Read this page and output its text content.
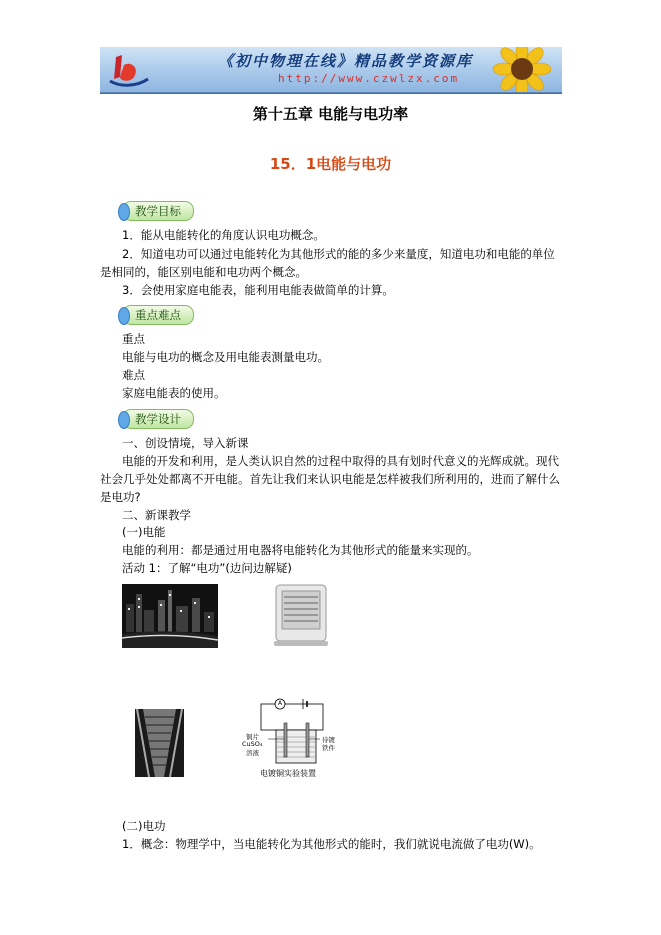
《初中物理在线》精品教学资源库
http://www.czwlzx.com
第十五章 电能与电功率
15．1电能与电功
教学目标
1．能从电能转化的角度认识电功概念。
2．知道电功可以通过电能转化为其他形式的能的多少来量度，知道电功和电能的单位
是相同的，能区别电能和电功两个概念。
3．会使用家庭电能表，能利用电能表做简单的计算。
重点难点
重点
电能与电功的概念及用电能表测量电功。
难点
家庭电能表的使用。
教学设计
一、创设情境，导入新课
电能的开发和利用，是人类认识自然的过程中取得的具有划时代意义的光辉成就。现代
社会几乎处处都离不开电能。首先让我们来认识电能是怎样被我们所利用的，进而了解什么
是电功?
二、新课教学
(一)电能
电能的利用：都是通过用电器将电能转化为其他形式的能量来实现的。
活动 1：了解“电功”(边问边解疑)
A
铜片
CuSO₄
溶液
待镀
铁件
电镀铜实验装置
(二)电功
1．概念：物理学中，当电能转化为其他形式的能时，我们就说电流做了电功(W)。
